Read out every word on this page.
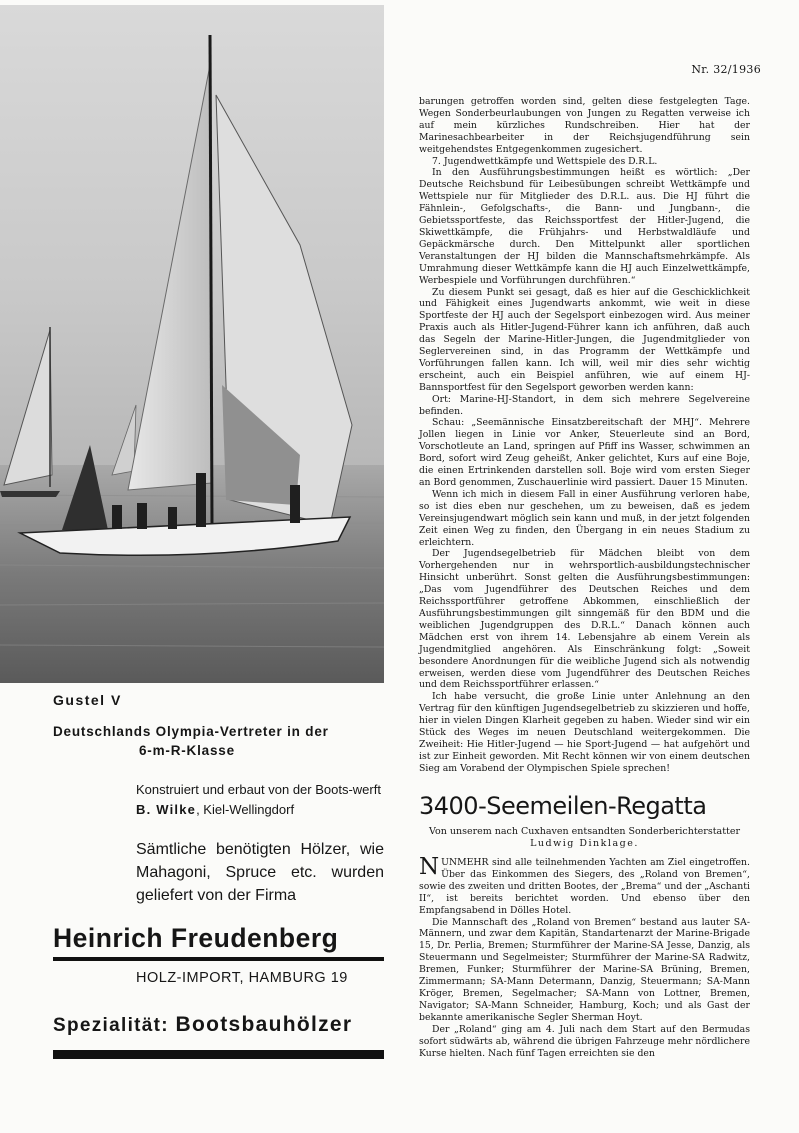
Nr. 32/1936

barungen getroffen worden sind, gelten diese festgelegten Tage. Wegen Sonderbeurlaubungen von Jungen zu Regatten verweise ich auf mein kürzliches Rundschreiben. Hier hat der Marinesachbearbeiter in der Reichsjugendführung sein weitgehendstes Entgegenkommen zugesichert.

7. Jugendwettkämpfe und Wettspiele des D.R.L.

In den Ausführungsbestimmungen heißt es wörtlich: „Der Deutsche Reichsbund für Leibesübungen schreibt Wettkämpfe und Wettspiele nur für Mitglieder des D.R.L. aus. Die HJ führt die Fähnlein-, Gefolgschafts-, die Bann- und Jungbann-, die Gebietssportfeste, das Reichssportfest der Hitler-Jugend, die Skiwettkämpfe, die Frühjahrs- und Herbstwaldläufe und Gepäckmärsche durch. Den Mittelpunkt aller sportlichen Veranstaltungen der HJ bilden die Mannschaftsmehrkämpfe. Als Umrahmung dieser Wettkämpfe kann die HJ auch Einzelwettkämpfe, Werbespiele und Vorführungen durchführen.“

Zu diesem Punkt sei gesagt, daß es hier auf die Geschicklichkeit und Fähigkeit eines Jugendwarts ankommt, wie weit in diese Sportfeste der HJ auch der Segelsport einbezogen wird. Aus meiner Praxis auch als Hitler-Jugend-Führer kann ich anführen, daß auch das Segeln der Marine-Hitler-Jungen, die Jugendmitglieder von Seglervereinen sind, in das Programm der Wettkämpfe und Vorführungen fallen kann. Ich will, weil mir dies sehr wichtig erscheint, auch ein Beispiel anführen, wie auf einem HJ-Bannsportfest für den Segelsport geworben werden kann:

Ort: Marine-HJ-Standort, in dem sich mehrere Segelvereine befinden.

Schau: „Seemännische Einsatzbereitschaft der MHJ“. Mehrere Jollen liegen in Linie vor Anker, Steuerleute sind an Bord, Vorschotleute an Land, springen auf Pfiff ins Wasser, schwimmen an Bord, sofort wird Zeug geheißt, Anker gelichtet, Kurs auf eine Boje, die einen Ertrinkenden darstellen soll. Boje wird vom ersten Sieger an Bord genommen, Zuschauerlinie wird passiert. Dauer 15 Minuten.

Wenn ich mich in diesem Fall in einer Ausführung verloren habe, so ist dies eben nur geschehen, um zu beweisen, daß es jedem Vereinsjugendwart möglich sein kann und muß, in der jetzt folgenden Zeit einen Weg zu finden, den Übergang in ein neues Stadium zu erleichtern.

Der Jugendsegelbetrieb für Mädchen bleibt von dem Vorhergehenden nur in wehrsportlich-ausbildungstechnischer Hinsicht unberührt. Sonst gelten die Ausführungsbestimmungen: „Das vom Jugendführer des Deutschen Reiches und dem Reichssportführer getroffene Abkommen, einschließlich der Ausführungsbestimmungen gilt sinngemäß für den BDM und die weiblichen Jugendgruppen des D.R.L.“ Danach können auch Mädchen erst von ihrem 14. Lebensjahre ab einem Verein als Jugendmitglied angehören. Als Einschränkung folgt: „Soweit besondere Anordnungen für die weibliche Jugend sich als notwendig erweisen, werden diese vom Jugendführer des Deutschen Reiches und dem Reichssportführer erlassen.“

Ich habe versucht, die große Linie unter Anlehnung an den Vertrag für den künftigen Jugendsegelbetrieb zu skizzieren und hoffe, hier in vielen Dingen Klarheit gegeben zu haben. Wieder sind wir ein Stück des Weges im neuen Deutschland weitergekommen. Die Zweiheit: Hie Hitler-Jugend — hie Sport-Jugend — hat aufgehört und ist zur Einheit geworden. Mit Recht können wir von einem deutschen Sieg am Vorabend der Olympischen Spiele sprechen!

3400-Seemeilen-Regatta
Von unserem nach Cuxhaven entsandten Sonderberichterstatter
Ludwig Dinklage.

NUNMEHR sind alle teilnehmenden Yachten am Ziel eingetroffen. Über das Einkommen des Siegers, des „Roland von Bremen“, sowie des zweiten und dritten Bootes, der „Brema“ und der „Aschanti II“, ist bereits berichtet worden. Und ebenso über den Empfangsabend in Dölles Hotel.

Die Mannschaft des „Roland von Bremen“ bestand aus lauter SA-Männern, und zwar dem Kapitän, Standartenarzt der Marine-Brigade 15, Dr. Perlia, Bremen; Sturmführer der Marine-SA Jesse, Danzig, als Steuermann und Segelmeister; Sturmführer der Marine-SA Radwitz, Bremen, Funker; Sturmführer der Marine-SA Brüning, Bremen, Zimmermann; SA-Mann Determann, Danzig, Steuermann; SA-Mann Kröger, Bremen, Segelmacher; SA-Mann von Lottner, Bremen, Navigator; SA-Mann Schneider, Hamburg, Koch; und als Gast der bekannte amerikanische Segler Sherman Hoyt.

Der „Roland“ ging am 4. Juli nach dem Start auf den Bermudas sofort südwärts ab, während die übrigen Fahrzeuge mehr nördlichere Kurse hielten. Nach fünf Tagen erreichten sie den

Gustel V
Deutschlands Olympia-Vertreter in der
6-m-R-Klasse
Konstruiert und erbaut von der Boots-werft B. Wilke, Kiel-Wellingdorf
Sämtliche benötigten Hölzer, wie Mahagoni, Spruce etc. wurden geliefert von der Firma
Heinrich Freudenberg
HOLZ-IMPORT, HAMBURG 19
Spezialität: Bootsbauhölzer
